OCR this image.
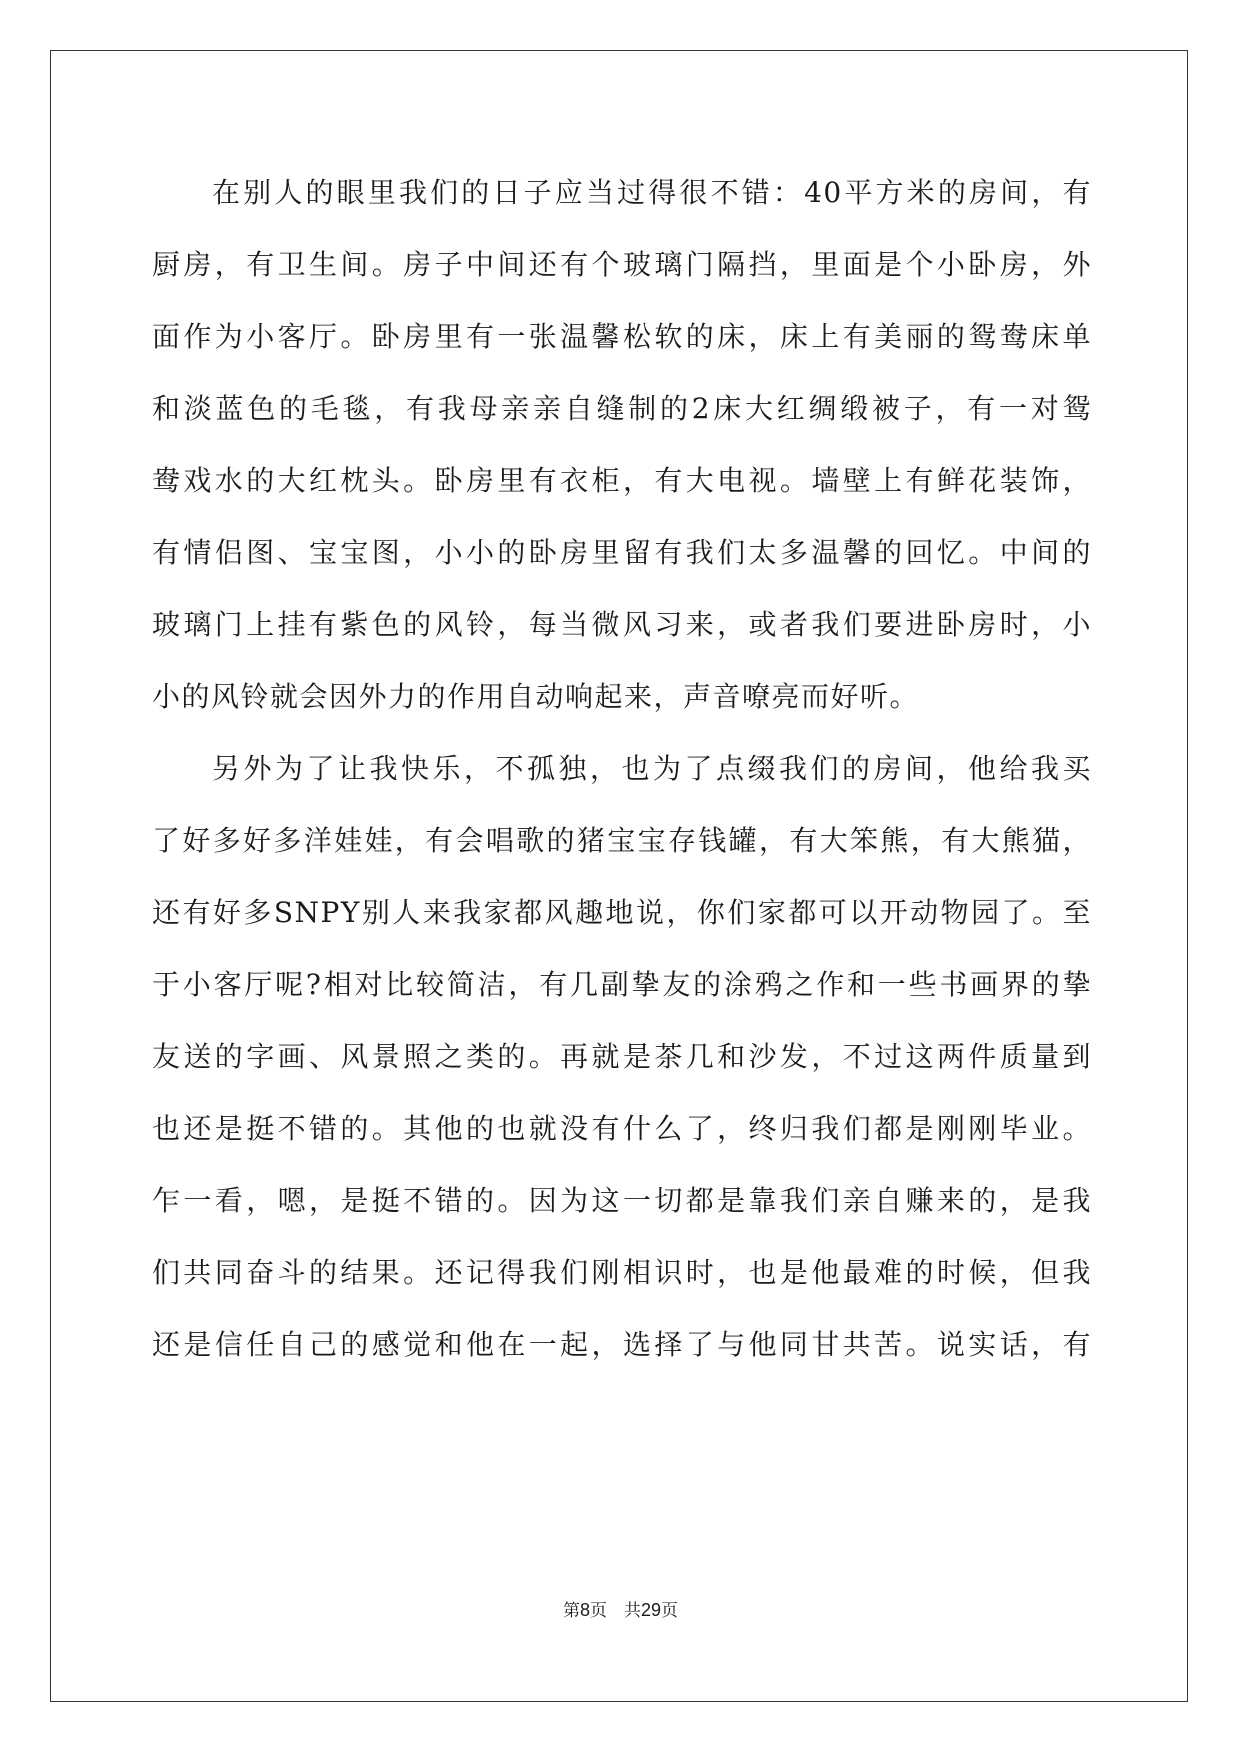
在别人的眼里我们的日子应当过得很不错：40平方米的房间，有

厨房，有卫生间。房子中间还有个玻璃门隔挡，里面是个小卧房，外

面作为小客厅。卧房里有一张温馨松软的床，床上有美丽的鸳鸯床单

和淡蓝色的毛毯，有我母亲亲自缝制的2床大红绸缎被子，有一对鸳

鸯戏水的大红枕头。卧房里有衣柜，有大电视。墙壁上有鲜花装饰，

有情侣图、宝宝图，小小的卧房里留有我们太多温馨的回忆。中间的

玻璃门上挂有紫色的风铃，每当微风习来，或者我们要进卧房时，小

小的风铃就会因外力的作用自动响起来，声音嘹亮而好听。

另外为了让我快乐，不孤独，也为了点缀我们的房间，他给我买

了好多好多洋娃娃，有会唱歌的猪宝宝存钱罐，有大笨熊，有大熊猫，

还有好多SNPY别人来我家都风趣地说，你们家都可以开动物园了。至

于小客厅呢?相对比较简洁，有几副挚友的涂鸦之作和一些书画界的挚

友送的字画、风景照之类的。再就是茶几和沙发，不过这两件质量到

也还是挺不错的。其他的也就没有什么了，终归我们都是刚刚毕业。

乍一看，嗯，是挺不错的。因为这一切都是靠我们亲自赚来的，是我

们共同奋斗的结果。还记得我们刚相识时，也是他最难的时候，但我

还是信任自己的感觉和他在一起，选择了与他同甘共苦。说实话，有

第8页　共29页
